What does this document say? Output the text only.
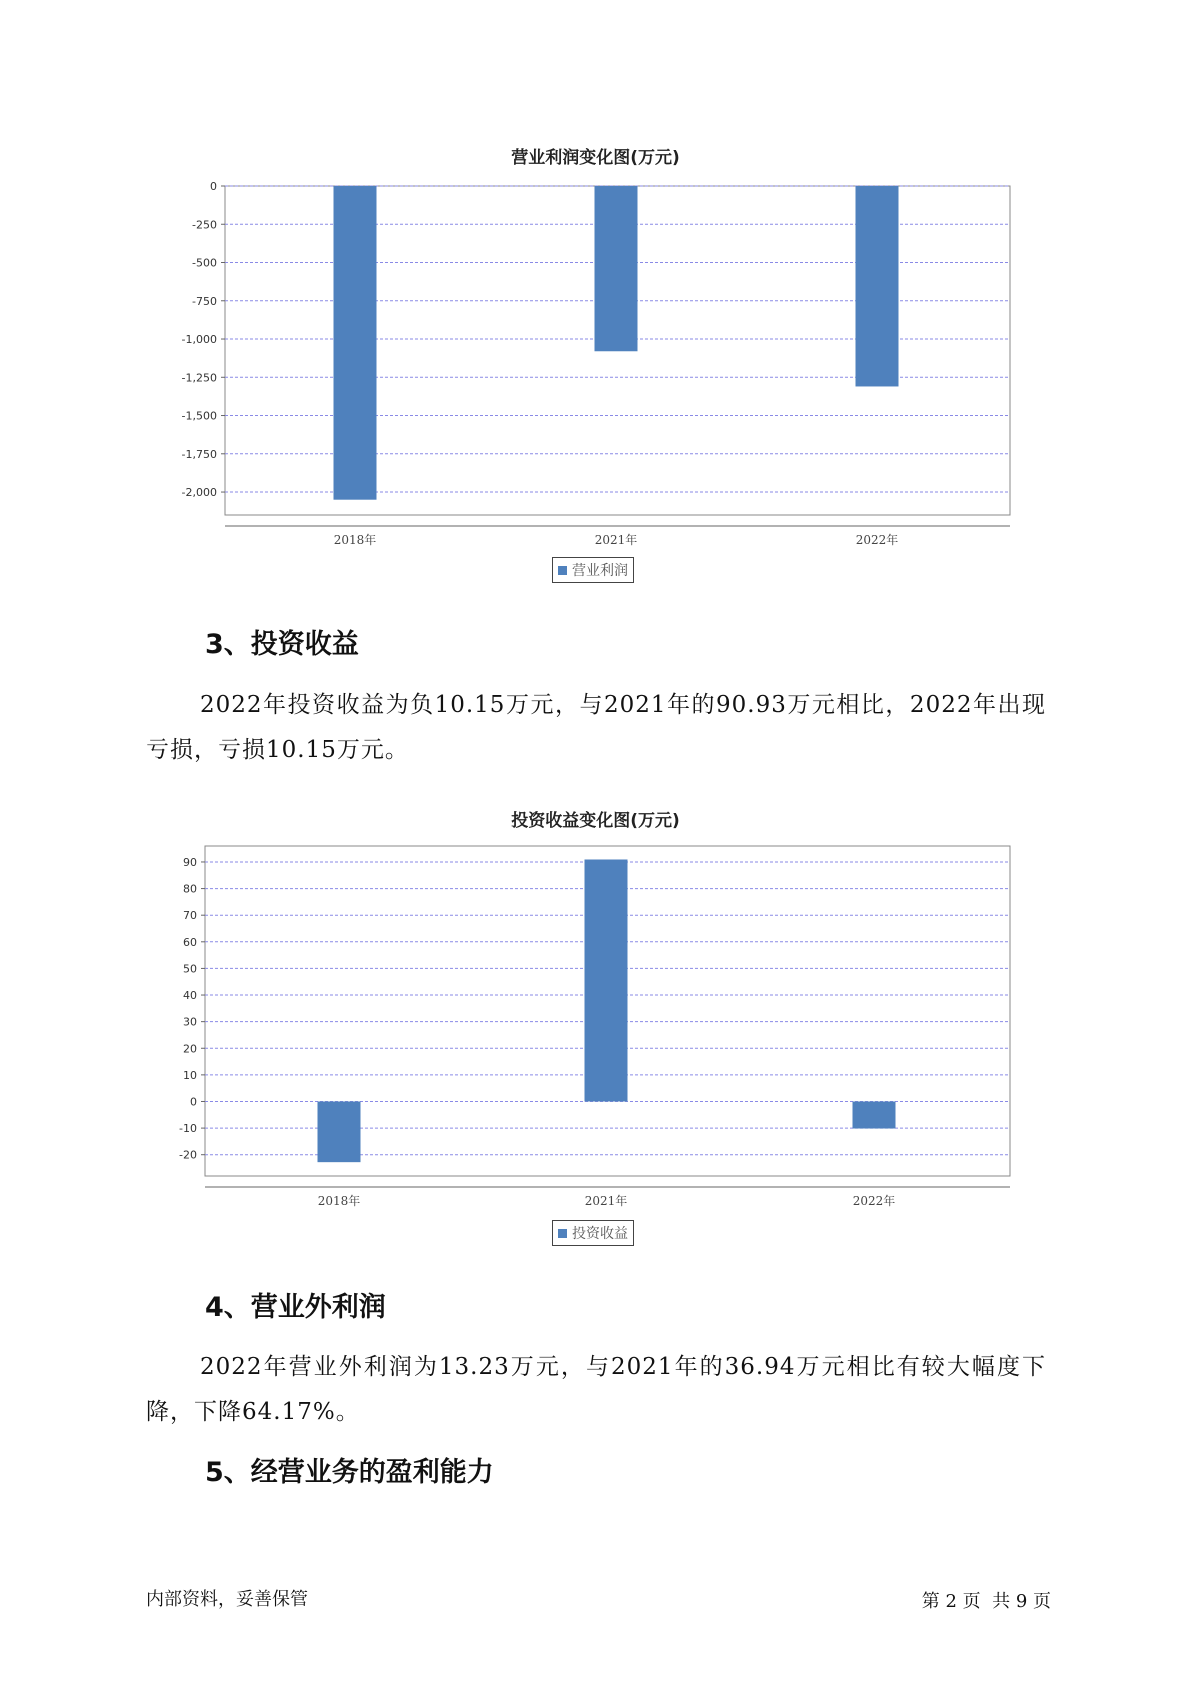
营业利润变化图(万元)
0
-250
-500
-750
-1,000
-1,250
-1,500
-1,750
-2,000
2018年	2021年	2022年
营业利润
3、投资收益

2022年投资收益为负10.15万元，与2021年的90.93万元相比，2022年出现亏损，亏损10.15万元。

投资收益变化图(万元)
90
80
70
60
50
40
30
20
10
0
-10
-20
2018年	2021年	2022年
投资收益
4、营业外利润

2022年营业外利润为13.23万元，与2021年的36.94万元相比有较大幅度下降，下降64.17%。

5、经营业务的盈利能力
内部资料，妥善保管	第 2 页  共 9 页
